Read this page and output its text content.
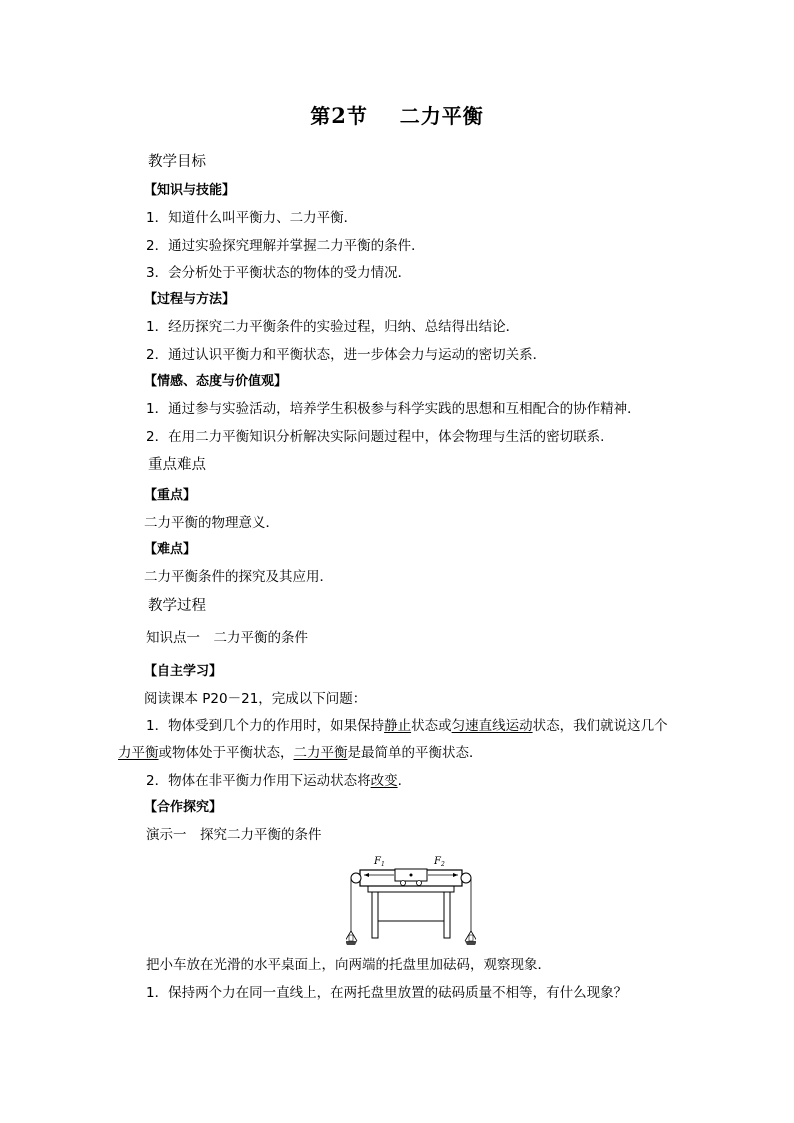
第2节 二力平衡
教学目标
【知识与技能】
1．知道什么叫平衡力、二力平衡．
2．通过实验探究理解并掌握二力平衡的条件．
3．会分析处于平衡状态的物体的受力情况．
【过程与方法】
1．经历探究二力平衡条件的实验过程，归纳、总结得出结论．
2．通过认识平衡力和平衡状态，进一步体会力与运动的密切关系．
【情感、态度与价值观】
1．通过参与实验活动，培养学生积极参与科学实践的思想和互相配合的协作精神．
2．在用二力平衡知识分析解决实际问题过程中，体会物理与生活的密切联系.
重点难点
【重点】
二力平衡的物理意义．
【难点】
二力平衡条件的探究及其应用．
教学过程
知识点一　二力平衡的条件
【自主学习】
阅读课本 P20－21，完成以下问题：
1．物体受到几个力的作用时，如果保持静止状态或匀速直线运动状态，我们就说这几个
力平衡或物体处于平衡状态，二力平衡是最简单的平衡状态．
2．物体在非平衡力作用下运动状态将改变.
【合作探究】
演示一　探究二力平衡的条件
$F_1$	$F_2$
把小车放在光滑的水平桌面上，向两端的托盘里加砝码，观察现象．
1．保持两个力在同一直线上，在两托盘里放置的砝码质量不相等，有什么现象？
